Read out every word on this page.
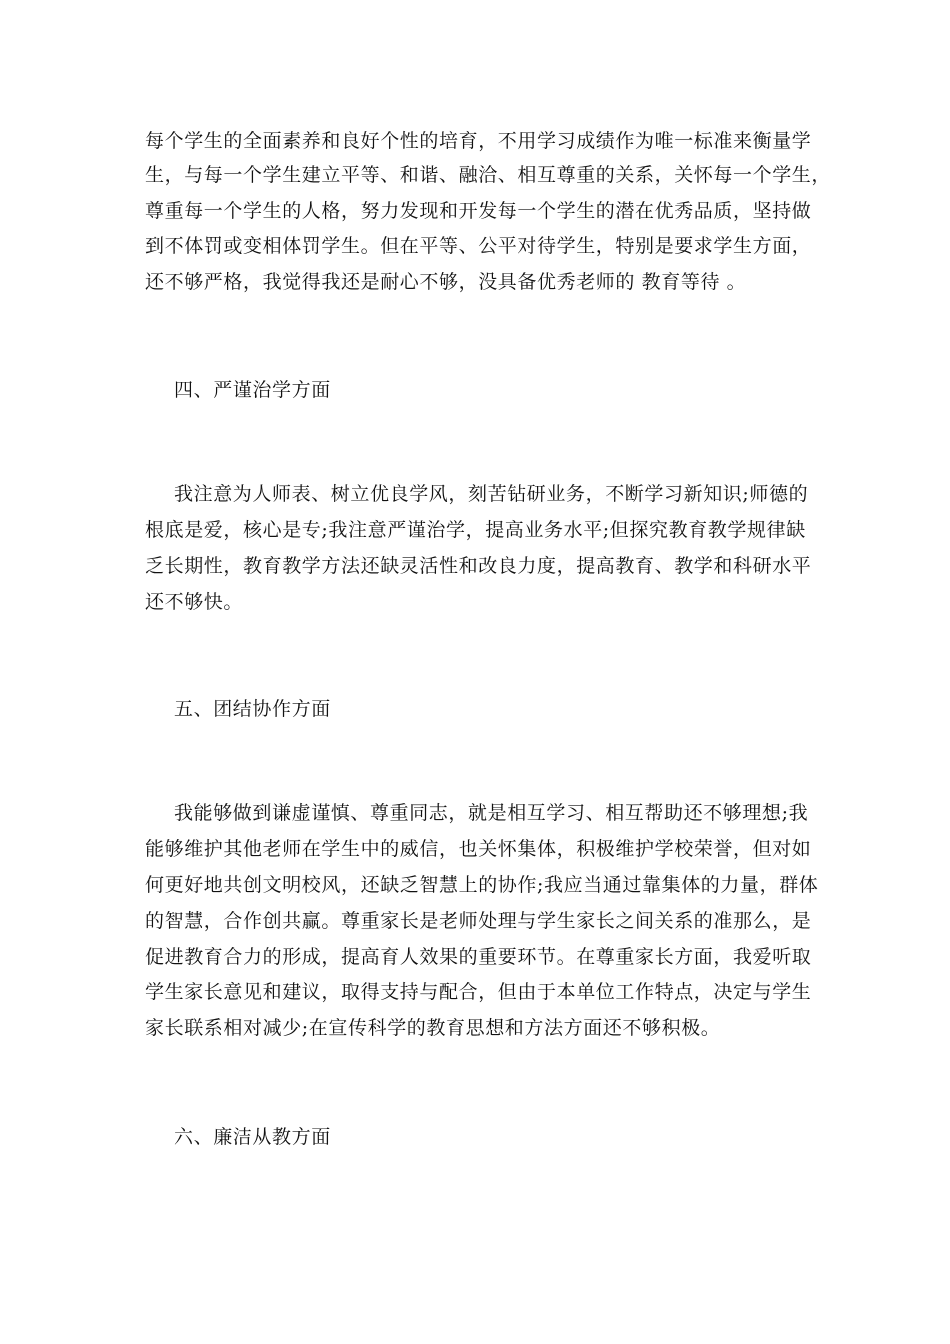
每个学生的全面素养和良好个性的培育，不用学习成绩作为唯一标准来衡量学
生，与每一个学生建立平等、和谐、融洽、相互尊重的关系，关怀每一个学生，
尊重每一个学生的人格，努力发现和开发每一个学生的潜在优秀品质，坚持做
到不体罚或变相体罚学生。但在平等、公平对待学生，特别是要求学生方面，
还不够严格，我觉得我还是耐心不够，没具备优秀老师的 教育等待 。
四、严谨治学方面
我注意为人师表、树立优良学风，刻苦钻研业务，不断学习新知识;师德的
根底是爱，核心是专;我注意严谨治学，提高业务水平;但探究教育教学规律缺
乏长期性，教育教学方法还缺灵活性和改良力度，提高教育、教学和科研水平
还不够快。
五、团结协作方面
我能够做到谦虚谨慎、尊重同志，就是相互学习、相互帮助还不够理想;我
能够维护其他老师在学生中的威信，也关怀集体，积极维护学校荣誉，但对如
何更好地共创文明校风，还缺乏智慧上的协作;我应当通过靠集体的力量，群体
的智慧，合作创共赢。尊重家长是老师处理与学生家长之间关系的准那么，是
促进教育合力的形成，提高育人效果的重要环节。在尊重家长方面，我爱听取
学生家长意见和建议，取得支持与配合，但由于本单位工作特点，决定与学生
家长联系相对减少;在宣传科学的教育思想和方法方面还不够积极。
六、廉洁从教方面
